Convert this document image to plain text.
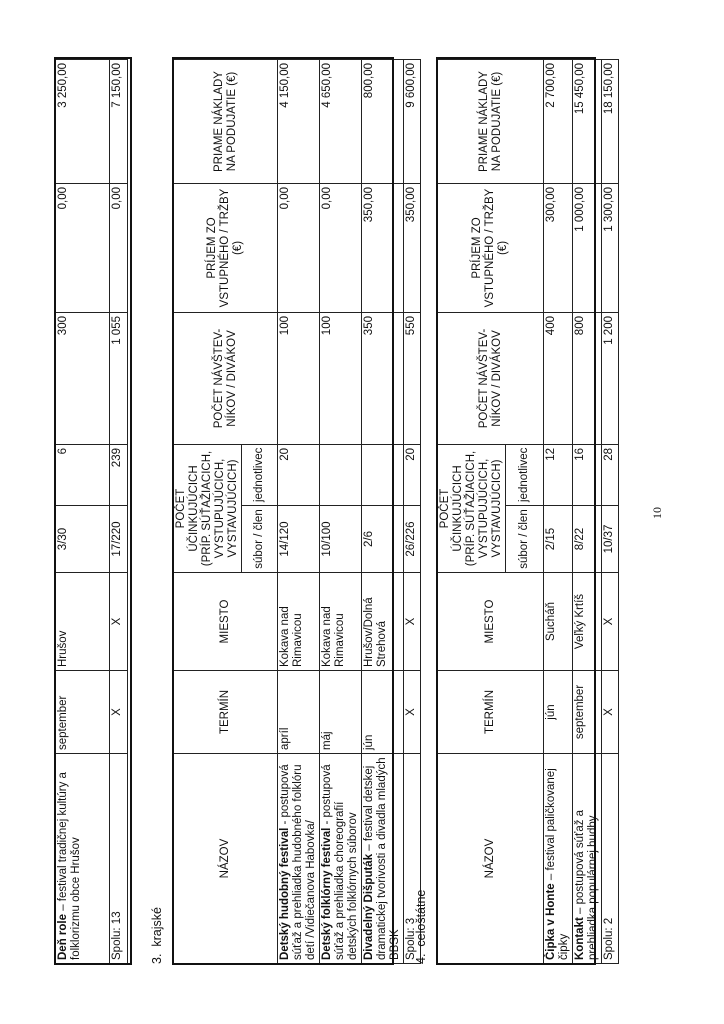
Deň role – festival tradičnej kultúry a folklorizmu obce Hrušov	september	Hrušov	3/30	6	300	0,00	3 250,00
Spolu: 13	X	X	17/220	239	1 055	0,00	7 150,00
3.  krajské
NÁZOV	TERMÍN	MIESTO	POČET ÚČINKUJÚCICH (PRÍP. SÚŤAŽIACICH, VYSTUPUJÚCICH, VYSTAVUJÚCICH)		POČET NÁVŠTEV-NÍKOV / DIVÁKOV	PRÍJEM ZO VSTUPNÉHO / TRŽBY (€)	PRIAME NÁKLADY NA PODUJATIE (€)
			súbor / člen	jednotlivec			
Detský hudobný festival - postupová súťaž a prehliadka hudobného folklóru detí /Vidiečanova Habovka/	apríl	Kokava nad Rimavicou	14/120	20	100	0,00	4 150,00
Detský folklórny festival - postupová súťaž a prehliadka choreografií detských folklórnych súborov	máj	Kokava nad Rimavicou	10/100		100	0,00	4 650,00
Divadelný Dišputák – festival detskej dramatickej tvorivosti a divadla mladých BBSK	jún	Hrušov/Dolná Strehová	2/6		350	350,00	800,00
Spolu: 3	X	X	26/226	20	550	350,00	9 600,00
4.  celoštátne
NÁZOV	TERMÍN	MIESTO	POČET ÚČINKUJÚCICH (PRÍP. SÚŤAŽIACICH, VYSTUPUJÚCICH, VYSTAVUJÚCICH)		POČET NÁVŠTEV-NÍKOV / DIVÁKOV	PRÍJEM ZO VSTUPNÉHO / TRŽBY (€)	PRIAME NÁKLADY NA PODUJATIE (€)
			súbor / člen	jednotlivec			
Čipka v Honte – festival paličkovanej čipky	jún	Sucháň	2/15	12	400	300,00	2 700,00
Kontakt – postupová súťaž a prehliadka populárnej hudby	september	Veľký Krtíš	8/22	16	800	1 000,00	15 450,00
Spolu: 2	X	X	10/37	28	1 200	1 300,00	18 150,00
10
